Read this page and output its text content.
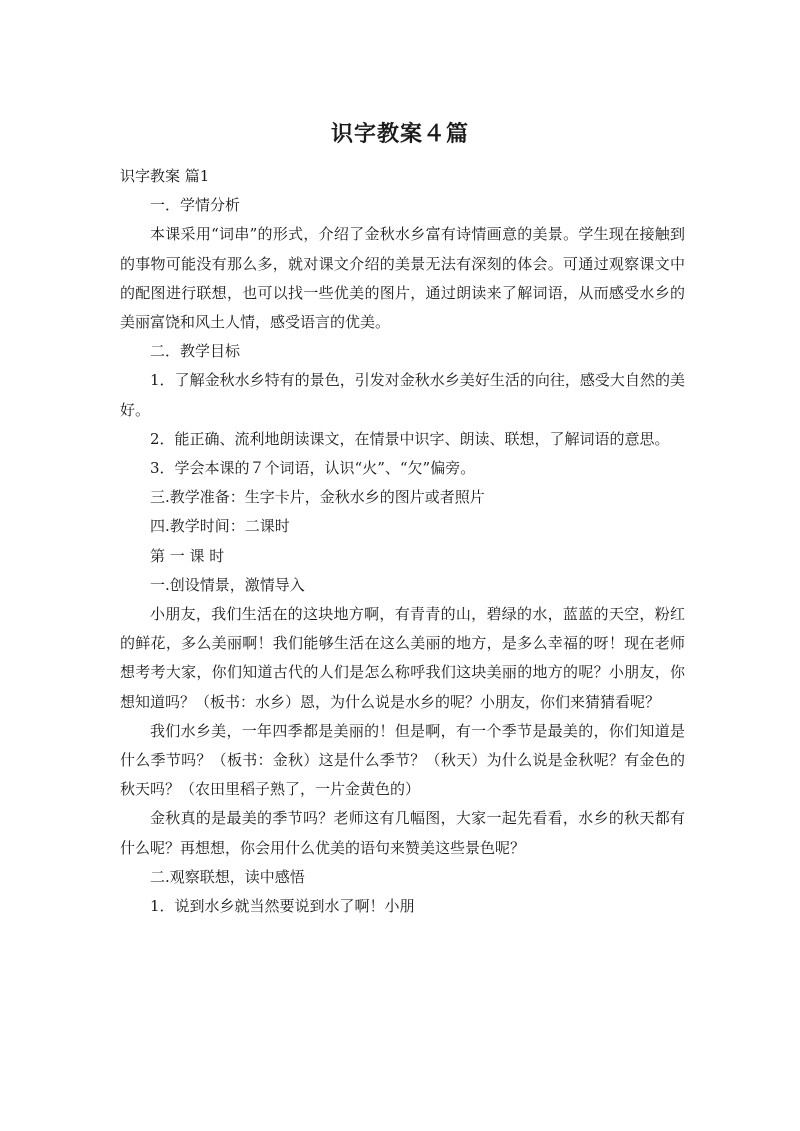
识字教案４篇

识字教案 篇1

一．学情分析

本课采用“词串”的形式，介绍了金秋水乡富有诗情画意的美景。学生现在接触到的事物可能没有那么多，就对课文介绍的美景无法有深刻的体会。可通过观察课文中的配图进行联想，也可以找一些优美的图片，通过朗读来了解词语，从而感受水乡的美丽富饶和风土人情，感受语言的优美。

二．教学目标

1．了解金秋水乡特有的景色，引发对金秋水乡美好生活的向往，感受大自然的美好。

2．能正确、流利地朗读课文，在情景中识字、朗读、联想，了解词语的意思。

3．学会本课的７个词语，认识“火”、“欠”偏旁。

三.教学准备：生字卡片，金秋水乡的图片或者照片

四.教学时间：二课时

第 一 课 时

一.创设情景，激情导入

小朋友，我们生活在的这块地方啊，有青青的山，碧绿的水，蓝蓝的天空，粉红的鲜花，多么美丽啊！我们能够生活在这么美丽的地方，是多么幸福的呀！现在老师想考考大家，你们知道古代的人们是怎么称呼我们这块美丽的地方的呢？小朋友，你想知道吗？（板书：水乡）恩，为什么说是水乡的呢？小朋友，你们来猜猜看呢？

我们水乡美，一年四季都是美丽的！但是啊，有一个季节是最美的，你们知道是什么季节吗？（板书：金秋）这是什么季节？（秋天）为什么说是金秋呢？有金色的秋天吗？（农田里稻子熟了，一片金黄色的）

金秋真的是最美的季节吗？老师这有几幅图，大家一起先看看，水乡的秋天都有什么呢？再想想，你会用什么优美的语句来赞美这些景色呢？

二.观察联想，读中感悟

1．说到水乡就当然要说到水了啊！小朋
